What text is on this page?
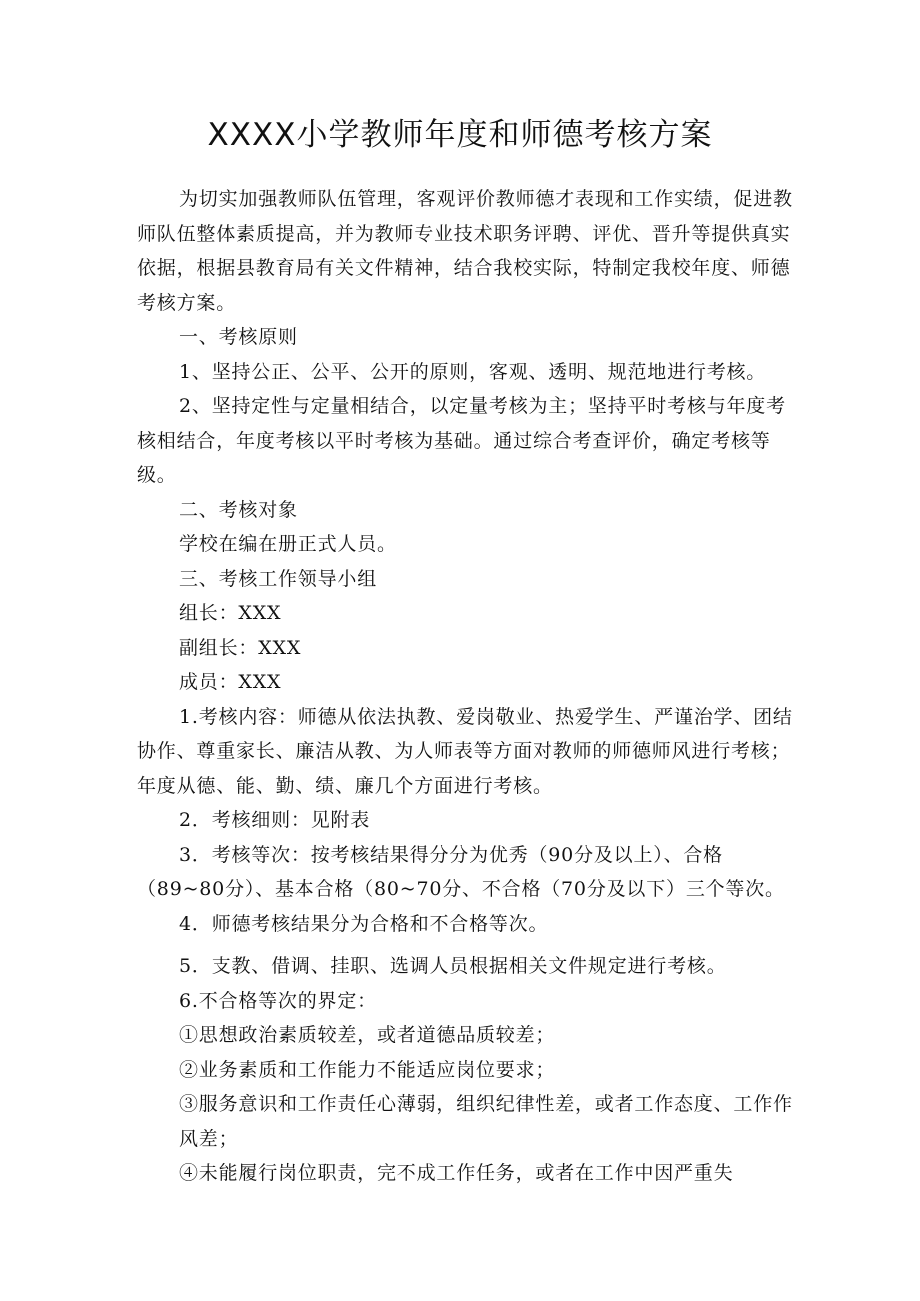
XXXX小学教师年度和师德考核方案

为切实加强教师队伍管理，客观评价教师德才表现和工作实绩，促进教师队伍整体素质提高，并为教师专业技术职务评聘、评优、晋升等提供真实依据，根据县教育局有关文件精神，结合我校实际，特制定我校年度、师德考核方案。

一、考核原则

1、坚持公正、公平、公开的原则，客观、透明、规范地进行考核。

2、坚持定性与定量相结合，以定量考核为主；坚持平时考核与年度考核相结合，年度考核以平时考核为基础。通过综合考查评价，确定考核等级。

二、考核对象

学校在编在册正式人员。

三、考核工作领导小组

组长：XXX

副组长：XXX

成员：XXX

1.考核内容：师德从依法执教、爱岗敬业、热爱学生、严谨治学、团结协作、尊重家长、廉洁从教、为人师表等方面对教师的师德师风进行考核；年度从德、能、勤、绩、廉几个方面进行考核。

2．考核细则：见附表

3．考核等次：按考核结果得分分为优秀（90分及以上）、合格（89~80分）、基本合格（80~70分、不合格（70分及以下）三个等次。

4．师德考核结果分为合格和不合格等次。

5．支教、借调、挂职、选调人员根据相关文件规定进行考核。

6.不合格等次的界定：

①思想政治素质较差，或者道德品质较差；

②业务素质和工作能力不能适应岗位要求；

③服务意识和工作责任心薄弱，组织纪律性差，或者工作态度、工作作风差；

④未能履行岗位职责，完不成工作任务，或者在工作中因严重失
